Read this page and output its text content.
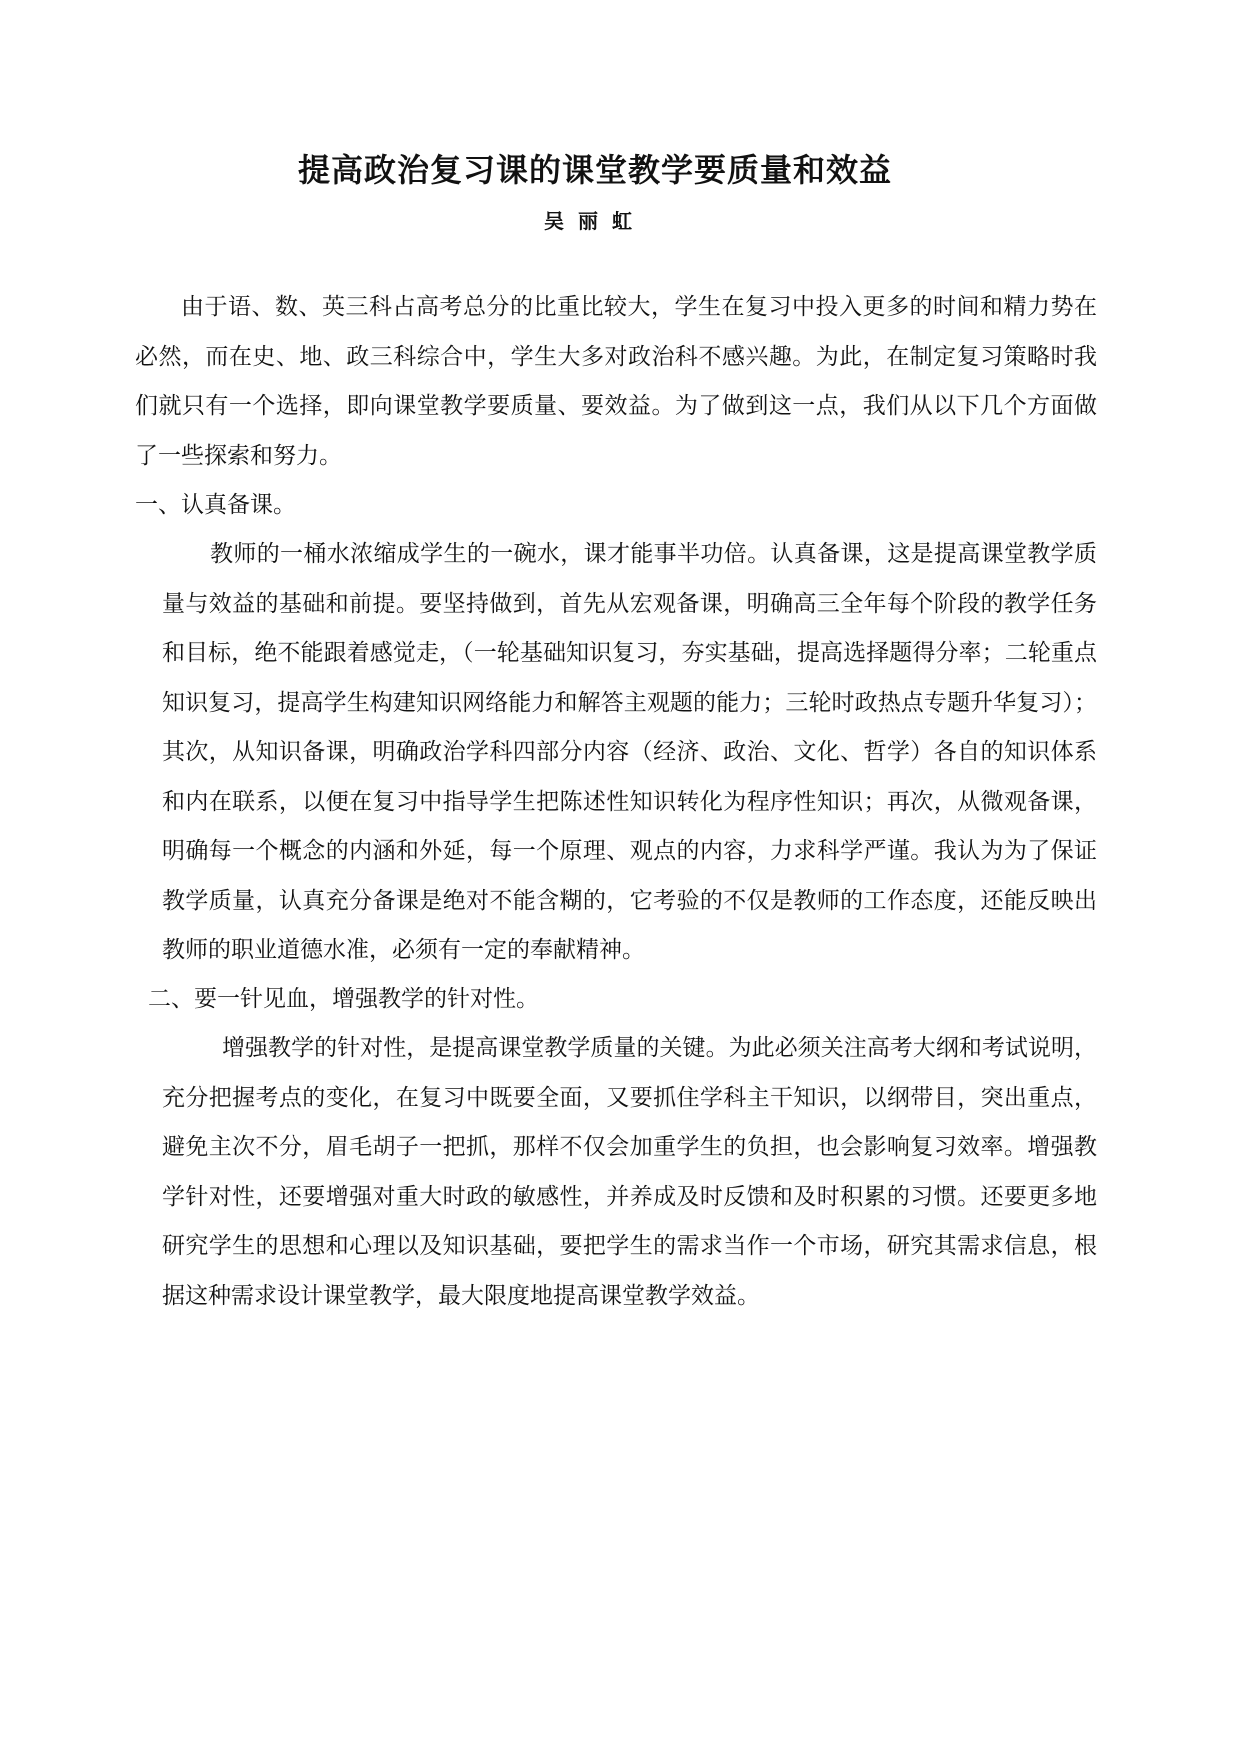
提高政治复习课的课堂教学要质量和效益
吴丽虹

由于语、数、英三科占高考总分的比重比较大，学生在复习中投入更多的时间和精力势在必然，而在史、地、政三科综合中，学生大多对政治科不感兴趣。为此，在制定复习策略时我们就只有一个选择，即向课堂教学要质量、要效益。为了做到这一点，我们从以下几个方面做了一些探索和努力。

一、认真备课。

教师的一桶水浓缩成学生的一碗水，课才能事半功倍。认真备课，这是提高课堂教学质量与效益的基础和前提。要坚持做到，首先从宏观备课，明确高三全年每个阶段的教学任务和目标，绝不能跟着感觉走，（一轮基础知识复习，夯实基础，提高选择题得分率；二轮重点知识复习，提高学生构建知识网络能力和解答主观题的能力；三轮时政热点专题升华复习）；其次，从知识备课，明确政治学科四部分内容（经济、政治、文化、哲学）各自的知识体系和内在联系，以便在复习中指导学生把陈述性知识转化为程序性知识；再次，从微观备课，明确每一个概念的内涵和外延，每一个原理、观点的内容，力求科学严谨。我认为为了保证教学质量，认真充分备课是绝对不能含糊的，它考验的不仅是教师的工作态度，还能反映出教师的职业道德水准，必须有一定的奉献精神。

二、要一针见血，增强教学的针对性。

增强教学的针对性，是提高课堂教学质量的关键。为此必须关注高考大纲和考试说明，充分把握考点的变化，在复习中既要全面，又要抓住学科主干知识，以纲带目，突出重点，避免主次不分，眉毛胡子一把抓，那样不仅会加重学生的负担，也会影响复习效率。增强教学针对性，还要增强对重大时政的敏感性，并养成及时反馈和及时积累的习惯。还要更多地研究学生的思想和心理以及知识基础，要把学生的需求当作一个市场，研究其需求信息，根据这种需求设计课堂教学，最大限度地提高课堂教学效益。
